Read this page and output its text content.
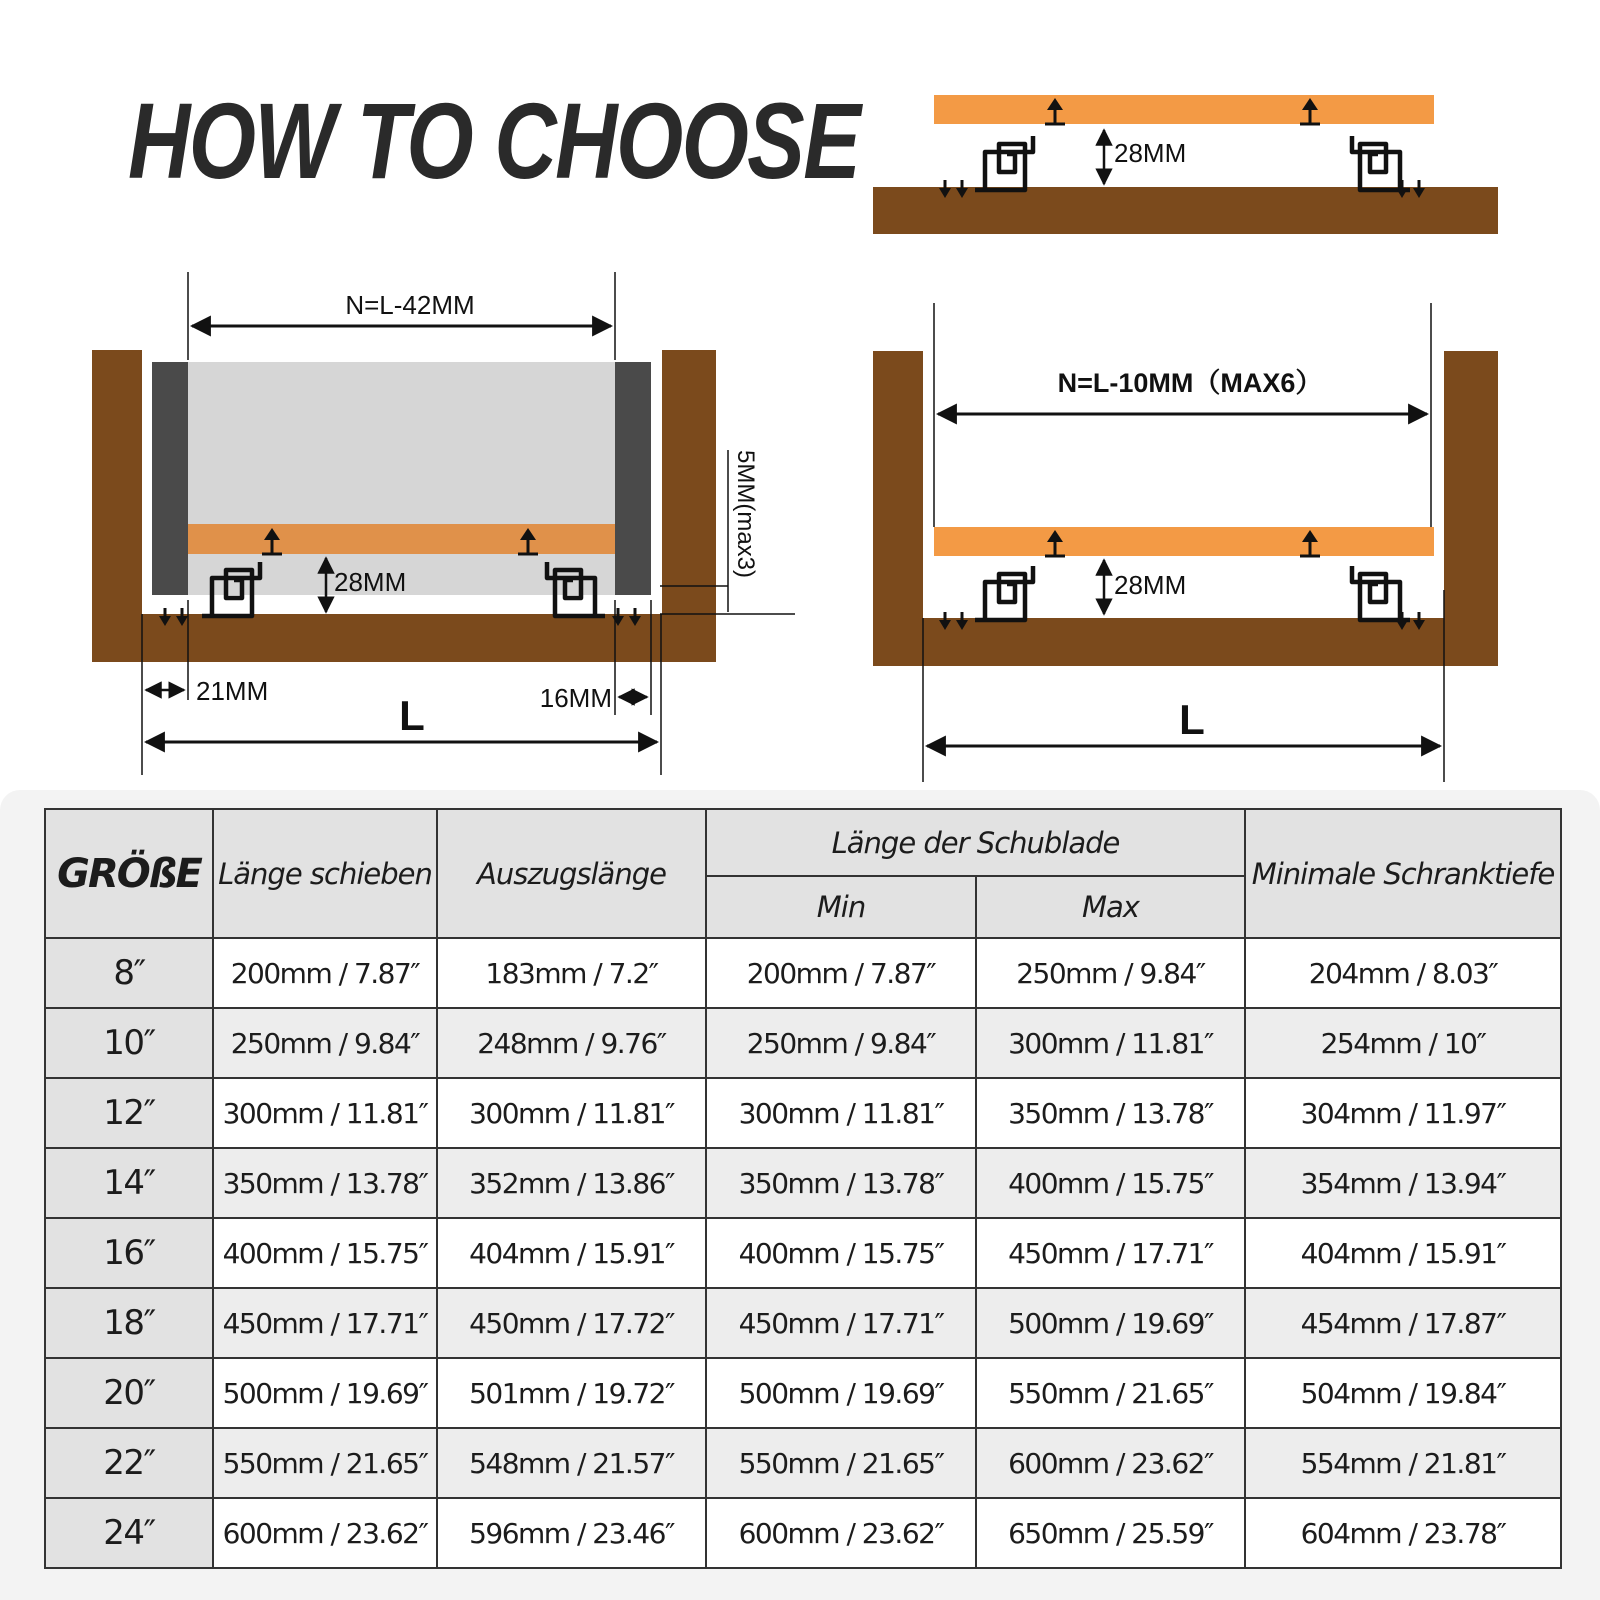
HOW TO CHOOSE	28MM
N=L-42MM
28MM
5MM(max3)
21MM	16MM
L
28MM
N=L-10MM（MAX6）
L
GRÖßE	Länge schieben	Auszugslänge	Länge der Schublade		Minimale Schranktiefe
			Min	Max	
8″	200mm / 7.87″	183mm / 7.2″	200mm / 7.87″	250mm / 9.84″	204mm / 8.03″
10″	250mm / 9.84″	248mm / 9.76″	250mm / 9.84″	300mm / 11.81″	254mm / 10″
12″	300mm / 11.81″	300mm / 11.81″	300mm / 11.81″	350mm / 13.78″	304mm / 11.97″
14″	350mm / 13.78″	352mm / 13.86″	350mm / 13.78″	400mm / 15.75″	354mm / 13.94″
16″	400mm / 15.75″	404mm / 15.91″	400mm / 15.75″	450mm / 17.71″	404mm / 15.91″
18″	450mm / 17.71″	450mm / 17.72″	450mm / 17.71″	500mm / 19.69″	454mm / 17.87″
20″	500mm / 19.69″	501mm / 19.72″	500mm / 19.69″	550mm / 21.65″	504mm / 19.84″
22″	550mm / 21.65″	548mm / 21.57″	550mm / 21.65″	600mm / 23.62″	554mm / 21.81″
24″	600mm / 23.62″	596mm / 23.46″	600mm / 23.62″	650mm / 25.59″	604mm / 23.78″
